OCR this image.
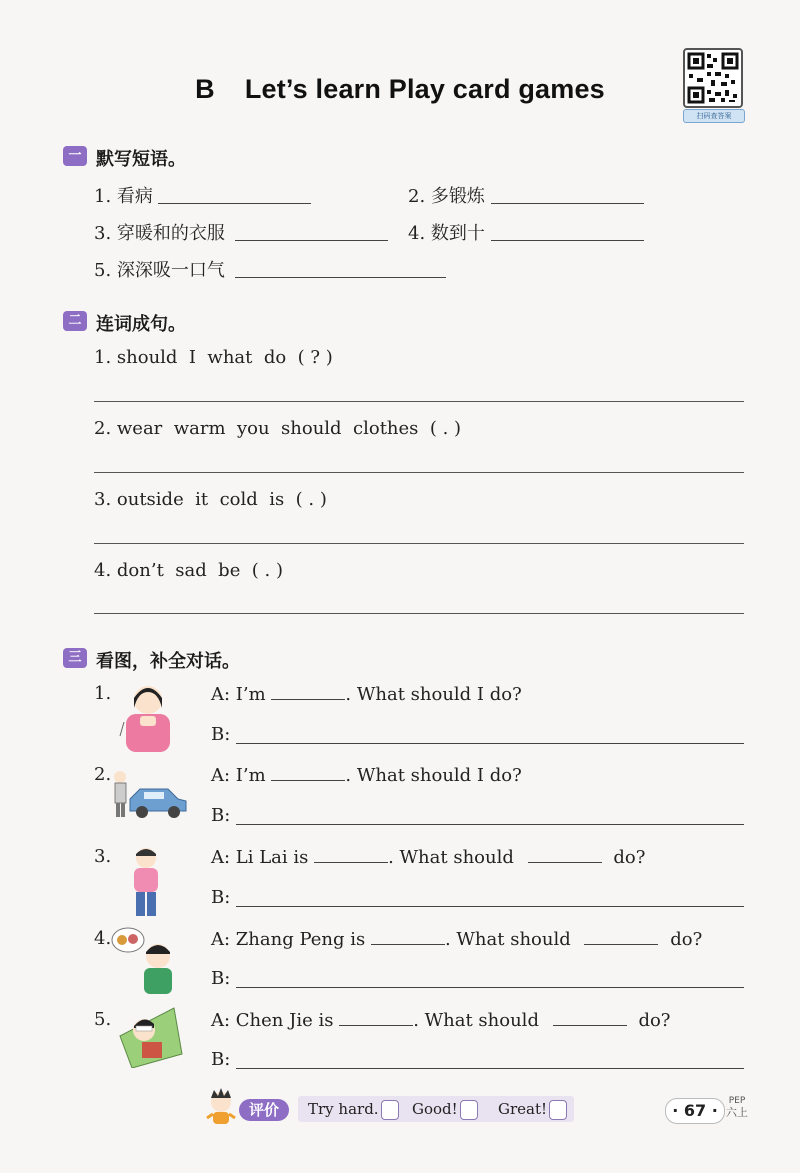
B Let’s learn Play card games
扫码查答案
一 默写短语。
1. 看病	2. 多锻炼
3. 穿暖和的衣服	4. 数到十
5. 深深吸一口气
二 连词成句。
1. should  I  what  do  ( ? )
2. wear  warm  you  should  clothes  ( . )
3. outside  it  cold  is  ( . )
4. don’t  sad  be  ( . )
三 看图，补全对话。
1.	A: I’m	. What should I do?
B:
2.	A: I’m	. What should I do?
B:
3.	A: Li Lai is	. What should	do?
B:
4.	A: Zhang Peng is	. What should	do?
B:
5.	A: Chen Jie is	. What should	do?
B:
评价	Try hard.	Good!	Great!	· 67 ·	PEP
六上
